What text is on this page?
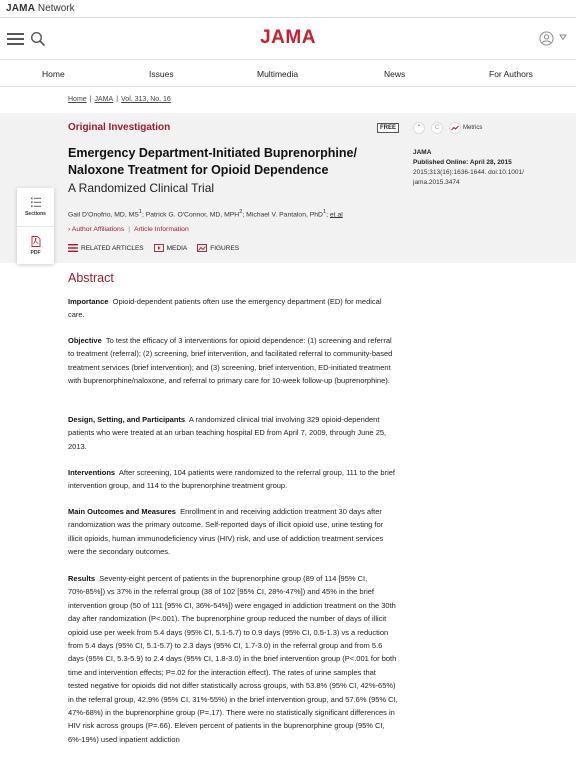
JAMA Network
JAMA
Home	Issues	Multimedia	News	For Authors
Home | JAMA | Vol. 313, No. 16
Original Investigation	FREE
Emergency Department-Initiated Buprenorphine/ Naloxone Treatment for Opioid Dependence
A Randomized Clinical Trial
Gail D'Onofrio, MD, $MS^1$; Patrick G. O'Connor, MD, MPH$^2$; Michael V. Pantalon, PhD$^1$; et al
› Author Affiliations | Article Information
RELATED ARTICLES	MEDIA	FIGURES
“	C	Metrics
JAMA
Published Online: April 28, 2015
2015;313(16):1636-1644. doi:10.1001/ jama.2015.3474
Sections
PDF
Abstract
Importance Opioid-dependent patients often use the emergency department (ED) for medical care.
Objective To test the efficacy of 3 interventions for opioid dependence: (1) screening and referral to treatment (referral); (2) screening, brief intervention, and facilitated referral to community-based treatment services (brief intervention); and (3) screening, brief intervention, ED-initiated treatment with buprenorphine/naloxone, and referral to primary care for 10-week follow-up (buprenorphine).
Design, Setting, and Participants A randomized clinical trial involving 329 opioid-dependent patients who were treated at an urban teaching hospital ED from April 7, 2009, through June 25, 2013.
Interventions After screening, 104 patients were randomized to the referral group, 111 to the brief intervention group, and 114 to the buprenorphine treatment group.
Main Outcomes and Measures Enrollment in and receiving addiction treatment 30 days after randomization was the primary outcome. Self-reported days of illicit opioid use, urine testing for illicit opioids, human immunodeficiency virus (HIV) risk, and use of addiction treatment services were the secondary outcomes.
Results Seventy-eight percent of patients in the buprenorphine group (89 of 114 [95% CI, 70%-85%]) vs 37% in the referral group (38 of 102 [95% CI, 28%-47%]) and 45% in the brief intervention group (50 of 111 [95% CI, 36%-54%]) were engaged in addiction treatment on the 30th day after randomization (P<.001). The buprenorphine group reduced the number of days of illicit opioid use per week from 5.4 days (95% CI, 5.1-5.7) to 0.9 days (95% CI, 0.5-1.3) vs a reduction from 5.4 days (95% CI, 5.1-5.7) to 2.3 days (95% CI, 1.7-3.0) in the referral group and from 5.6 days (95% CI, 5.3-5.9) to 2.4 days (95% CI, 1.8-3.0) in the brief intervention group (P<.001 for both time and intervention effects; P=.02 for the interaction effect). The rates of urine samples that tested negative for opioids did not differ statistically across groups, with 53.8% (95% CI, 42%-65%) in the referral group, 42.9% (95% CI, 31%-55%) in the brief intervention group, and 57.6% (95% CI, 47%-68%) in the buprenorphine group (P=.17). There were no statistically significant differences in HIV risk across groups (P=.66). Eleven percent of patients in the buprenorphine group (95% CI, 6%-19%) used inpatient addiction
